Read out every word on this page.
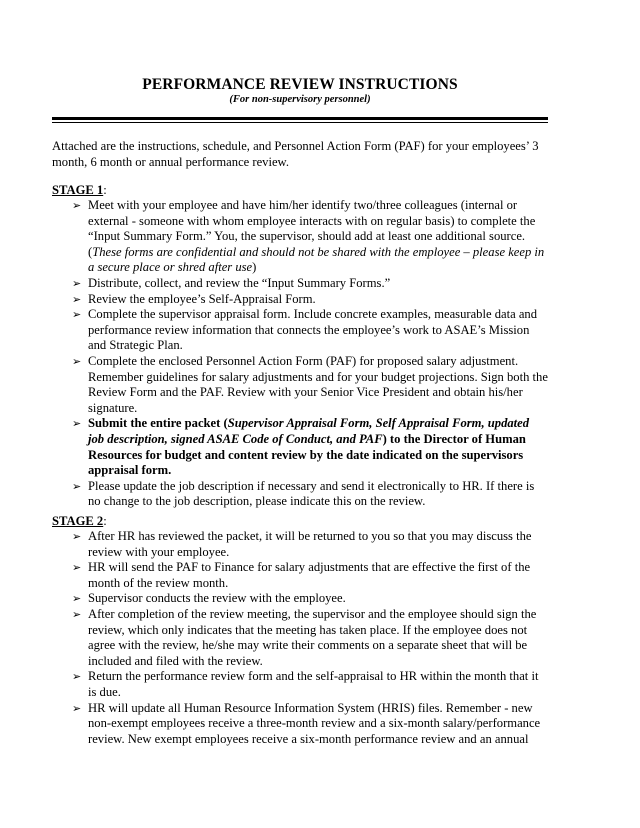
PERFORMANCE REVIEW INSTRUCTIONS
(For non-supervisory personnel)
Attached are the instructions, schedule, and Personnel Action Form (PAF) for your employees’ 3 month, 6 month or annual performance review.
STAGE 1:
➢ Meet with your employee and have him/her identify two/three colleagues (internal or external - someone with whom employee interacts with on regular basis) to complete the “Input Summary Form.” You, the supervisor, should add at least one additional source. (These forms are confidential and should not be shared with the employee – please keep in a secure place or shred after use)
➢ Distribute, collect, and review the “Input Summary Forms.”
➢ Review the employee’s Self-Appraisal Form.
➢ Complete the supervisor appraisal form. Include concrete examples, measurable data and performance review information that connects the employee’s work to ASAE’s Mission and Strategic Plan.
➢ Complete the enclosed Personnel Action Form (PAF) for proposed salary adjustment. Remember guidelines for salary adjustments and for your budget projections. Sign both the Review Form and the PAF. Review with your Senior Vice President and obtain his/her signature.
➢ Submit the entire packet (Supervisor Appraisal Form, Self Appraisal Form, updated job description, signed ASAE Code of Conduct, and PAF) to the Director of Human Resources for budget and content review by the date indicated on the supervisors appraisal form.
➢ Please update the job description if necessary and send it electronically to HR. If there is no change to the job description, please indicate this on the review.
STAGE 2:
➢ After HR has reviewed the packet, it will be returned to you so that you may discuss the review with your employee.
➢ HR will send the PAF to Finance for salary adjustments that are effective the first of the month of the review month.
➢ Supervisor conducts the review with the employee.
➢ After completion of the review meeting, the supervisor and the employee should sign the review, which only indicates that the meeting has taken place. If the employee does not agree with the review, he/she may write their comments on a separate sheet that will be included and filed with the review.
➢ Return the performance review form and the self-appraisal to HR within the month that it is due.
➢ HR will update all Human Resource Information System (HRIS) files. Remember - new non-exempt employees receive a three-month review and a six-month salary/performance review. New exempt employees receive a six-month performance review and an annual
